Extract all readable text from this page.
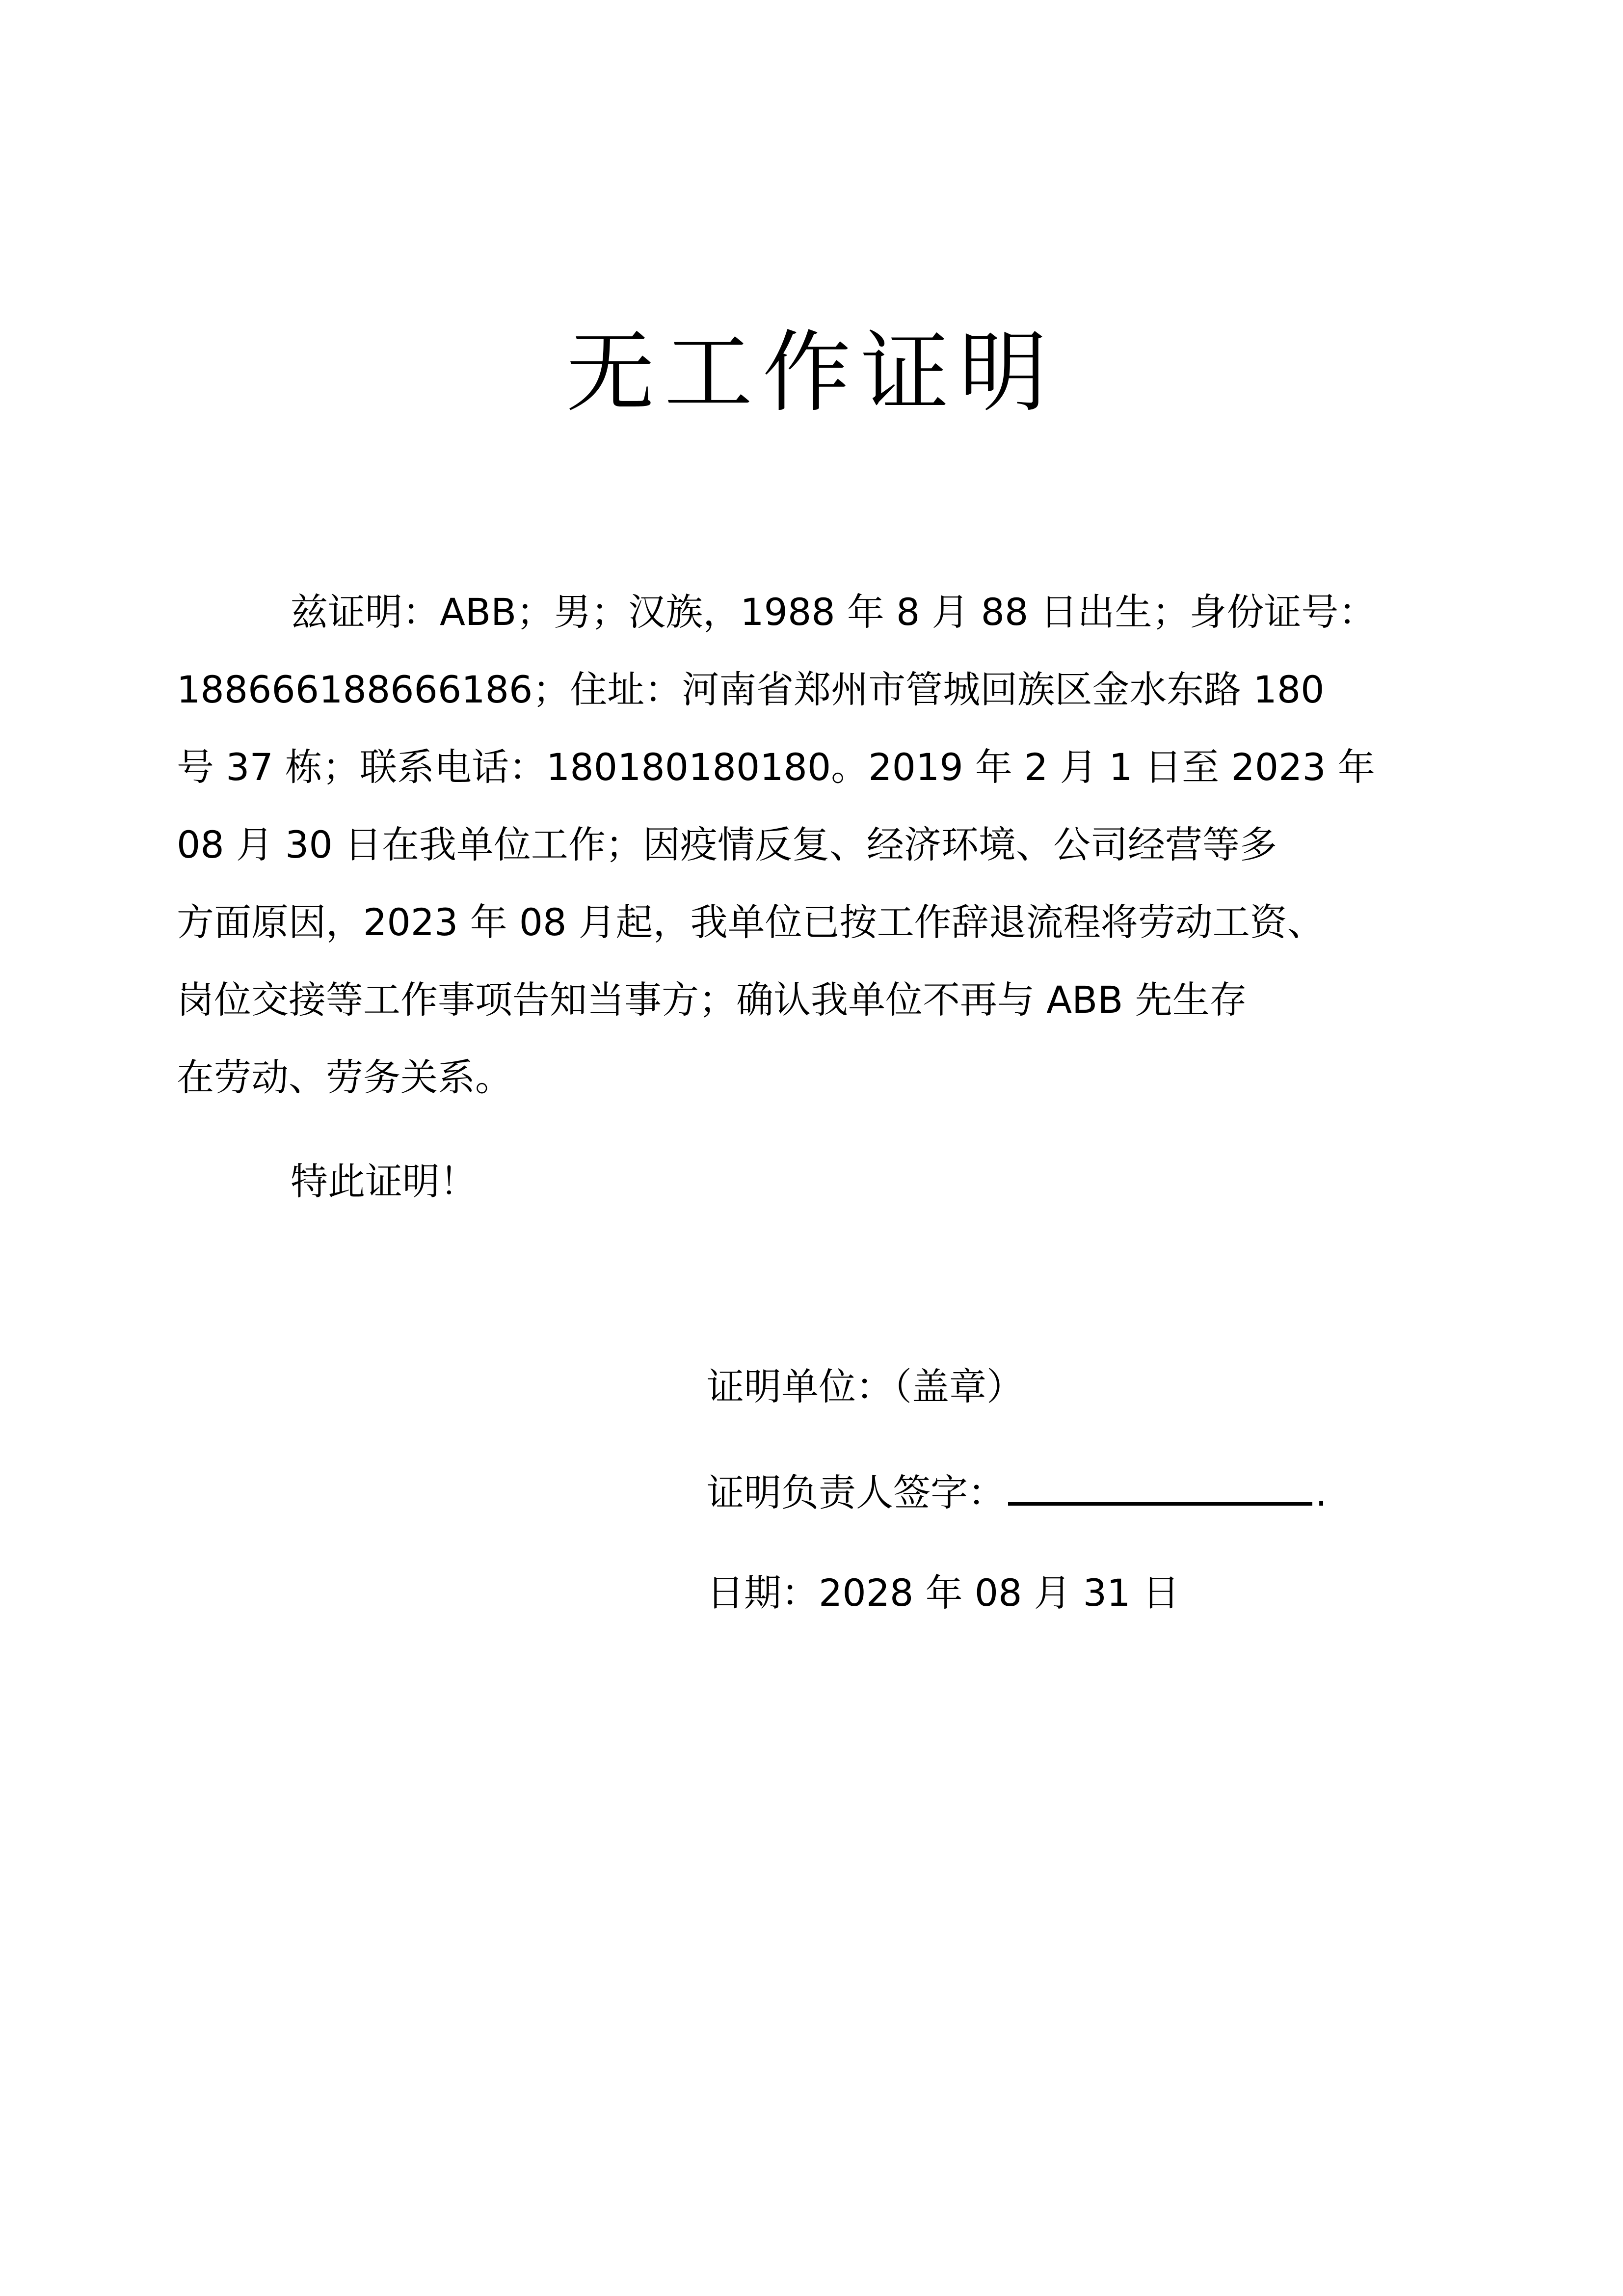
无工作证明
兹证明：ABB；男；汉族，1988 年 8 月 88 日出生；身份证号：
188666188666186；住址：河南省郑州市管城回族区金水东路 180
号 37 栋；联系电话：180180180180。2019 年 2 月 1 日至 2023 年
08 月 30 日在我单位工作；因疫情反复、经济环境、公司经营等多
方面原因，2023 年 08 月起，我单位已按工作辞退流程将劳动工资、
岗位交接等工作事项告知当事方；确认我单位不再与 ABB 先生存
在劳动、劳务关系。
特此证明！
证明单位：（盖章）
证明负责人签字：	.
日期：2028 年 08 月 31 日
